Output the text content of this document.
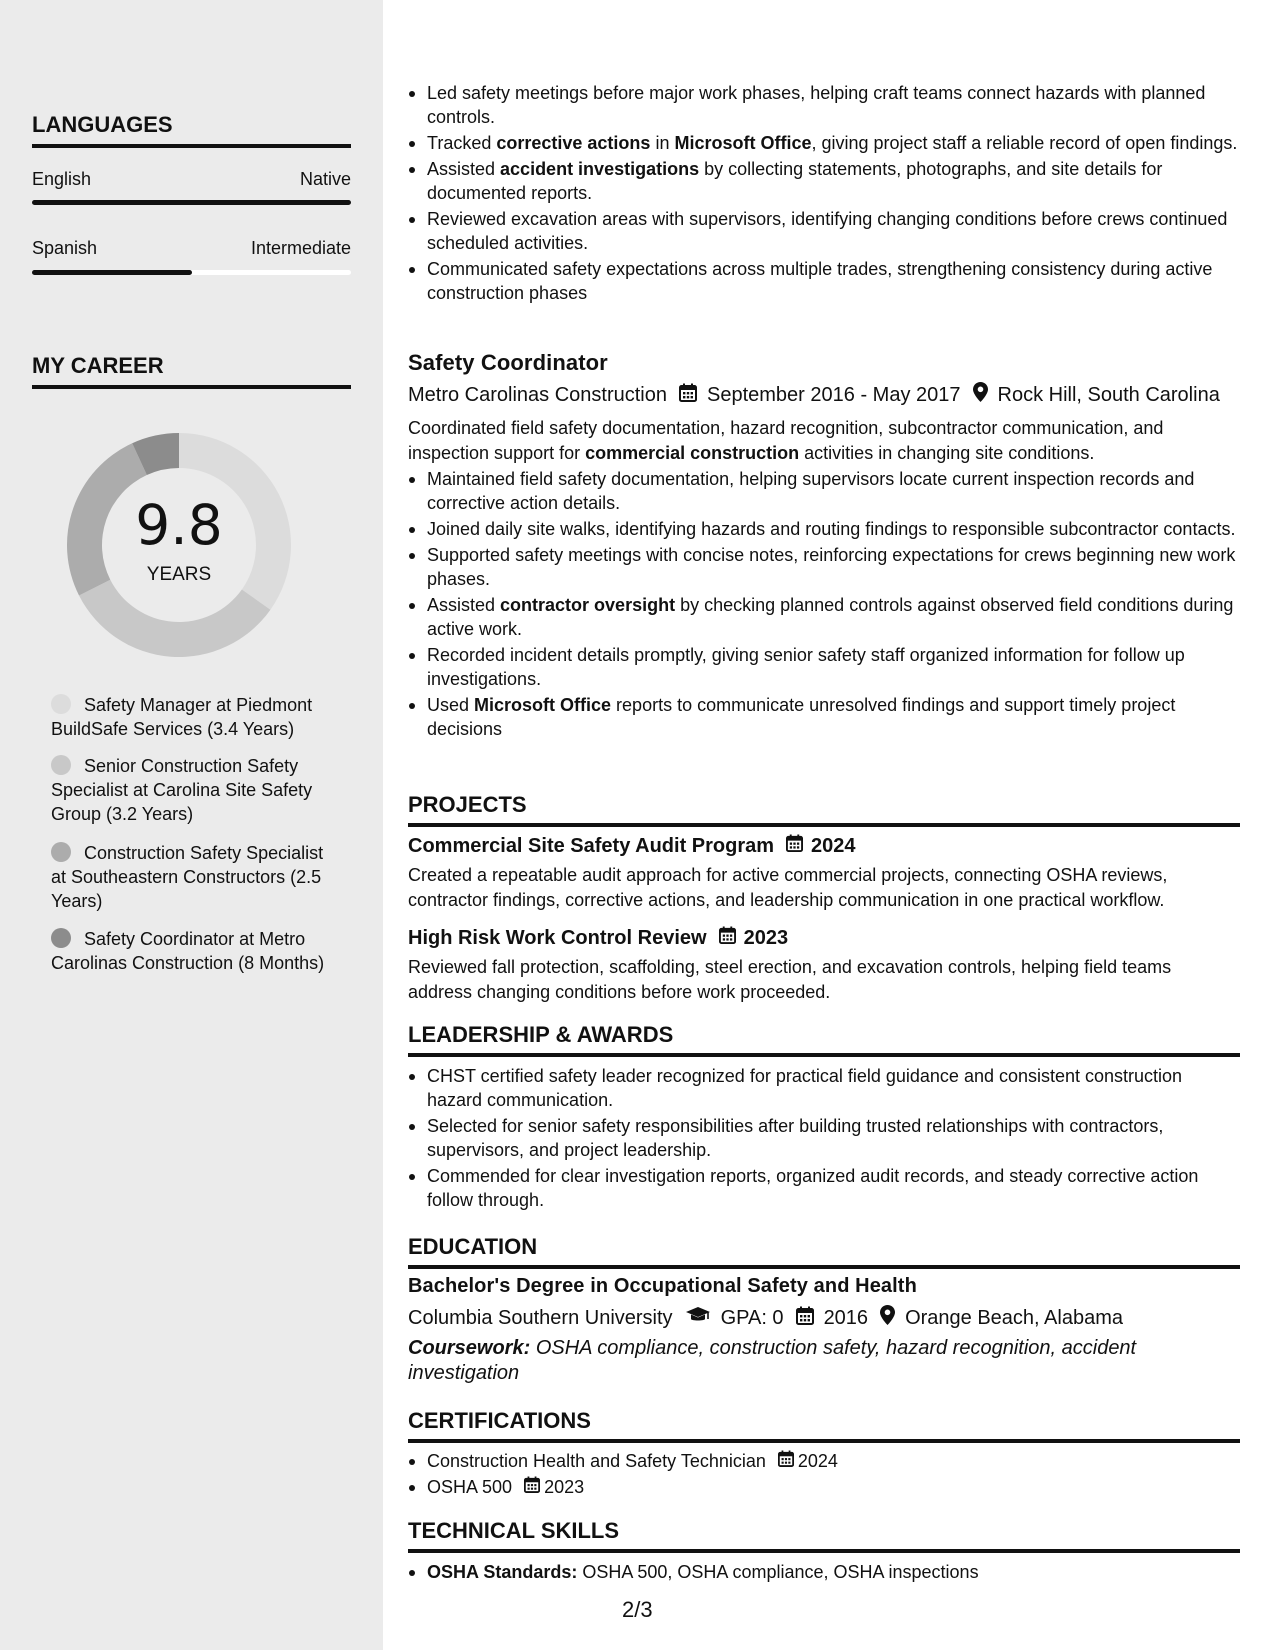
LANGUAGES
English	Native
Spanish	Intermediate
MY CAREER
9.8
YEARS
Safety Manager at Piedmont BuildSafe Services (3.4 Years)
Senior Construction Safety Specialist at Carolina Site Safety Group (3.2 Years)
Construction Safety Specialist at Southeastern Constructors (2.5 Years)
Safety Coordinator at Metro Carolinas Construction (8 Months)
Led safety meetings before major work phases, helping craft teams connect hazards with planned controls.
Tracked corrective actions in Microsoft Office, giving project staff a reliable record of open findings.
Assisted accident investigations by collecting statements, photographs, and site details for documented reports.
Reviewed excavation areas with supervisors, identifying changing conditions before crews continued scheduled activities.
Communicated safety expectations across multiple trades, strengthening consistency during active construction phases
Safety Coordinator
Metro Carolinas Construction September 2016 - May 2017 Rock Hill, South Carolina
Coordinated field safety documentation, hazard recognition, subcontractor communication, and inspection support for commercial construction activities in changing site conditions.
Maintained field safety documentation, helping supervisors locate current inspection records and corrective action details.
Joined daily site walks, identifying hazards and routing findings to responsible subcontractor contacts.
Supported safety meetings with concise notes, reinforcing expectations for crews beginning new work phases.
Assisted contractor oversight by checking planned controls against observed field conditions during active work.
Recorded incident details promptly, giving senior safety staff organized information for follow up investigations.
Used Microsoft Office reports to communicate unresolved findings and support timely project decisions
PROJECTS
Commercial Site Safety Audit Program 2024
Created a repeatable audit approach for active commercial projects, connecting OSHA reviews, contractor findings, corrective actions, and leadership communication in one practical workflow.
High Risk Work Control Review 2023
Reviewed fall protection, scaffolding, steel erection, and excavation controls, helping field teams address changing conditions before work proceeded.
LEADERSHIP & AWARDS
CHST certified safety leader recognized for practical field guidance and consistent construction hazard communication.
Selected for senior safety responsibilities after building trusted relationships with contractors, supervisors, and project leadership.
Commended for clear investigation reports, organized audit records, and steady corrective action follow through.
EDUCATION
Bachelor's Degree in Occupational Safety and Health
Columbia Southern University GPA: 0 2016 Orange Beach, Alabama
Coursework: OSHA compliance, construction safety, hazard recognition, accident investigation
CERTIFICATIONS
Construction Health and Safety Technician 2024
OSHA 500 2023
TECHNICAL SKILLS
OSHA Standards: OSHA 500, OSHA compliance, OSHA inspections
2/3
